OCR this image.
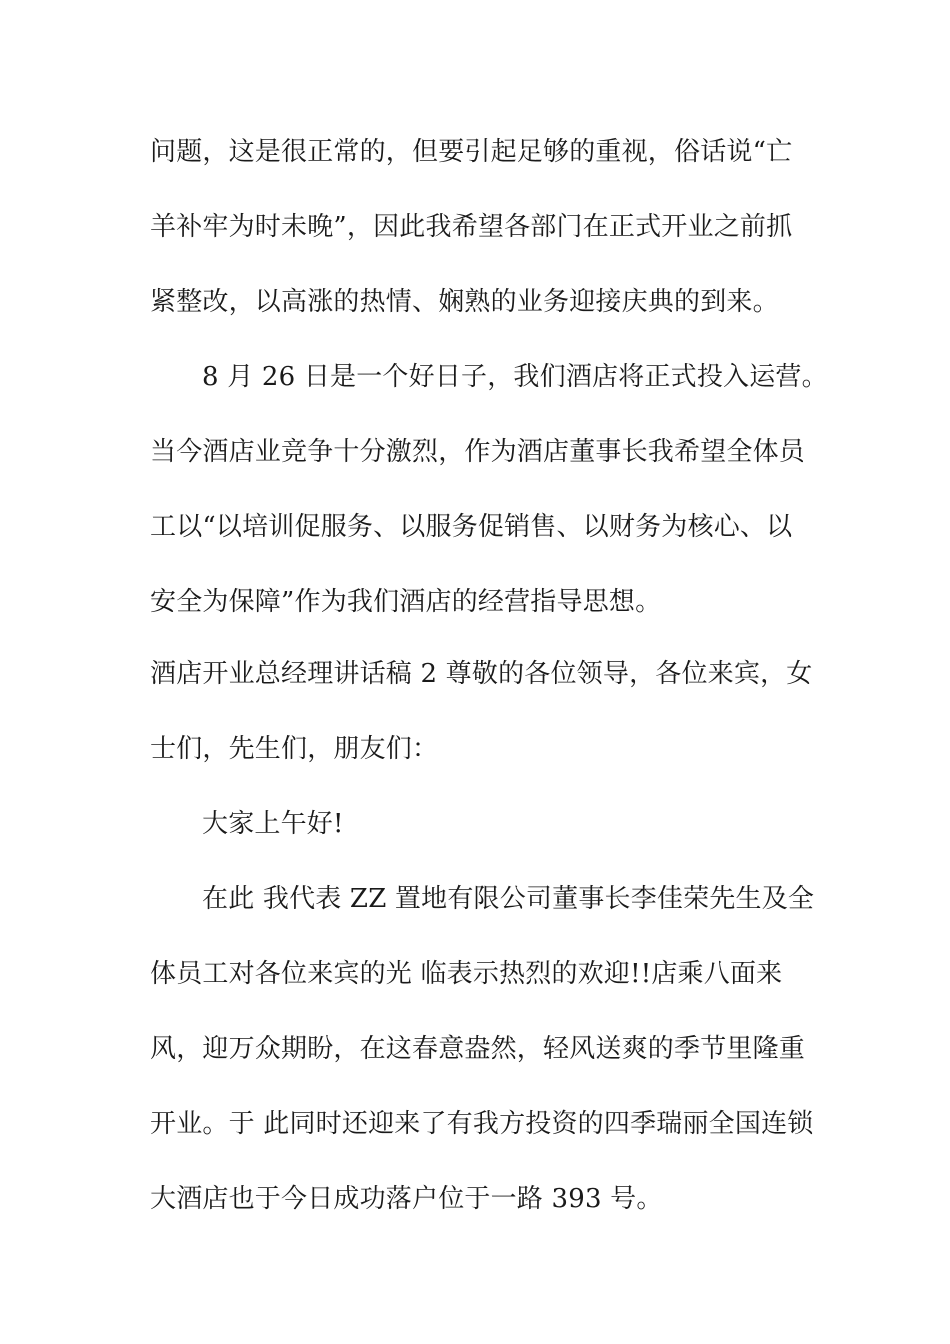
问题，这是很正常的，但要引起足够的重视，俗话说“亡
羊补牢为时未晚”，因此我希望各部门在正式开业之前抓
紧整改，以高涨的热情、娴熟的业务迎接庆典的到来。
8 月 26 日是一个好日子，我们酒店将正式投入运营。
当今酒店业竞争十分激烈，作为酒店董事长我希望全体员
工以“以培训促服务、以服务促销售、以财务为核心、以
安全为保障”作为我们酒店的经营指导思想。
酒店开业总经理讲话稿 2 尊敬的各位领导，各位来宾，女
士们，先生们，朋友们：
大家上午好!
在此 我代表 ZZ 置地有限公司董事长李佳荣先生及全
体员工对各位来宾的光 临表示热烈的欢迎!!店乘八面来
风，迎万众期盼，在这春意盎然，轻风送爽的季节里隆重
开业。于 此同时还迎来了有我方投资的四季瑞丽全国连锁
大酒店也于今日成功落户位于一路 393 号。
